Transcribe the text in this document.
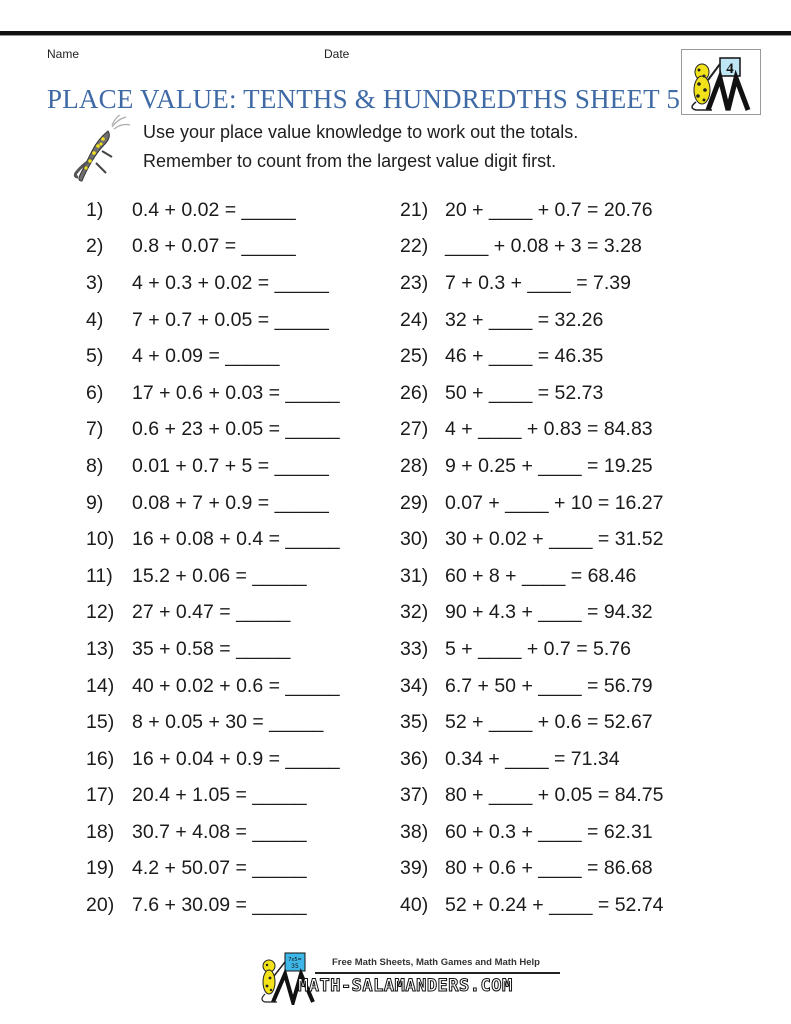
Name	Date
PLACE VALUE: TENTHS & HUNDREDTHS SHEET 5
4
Use your place value knowledge to work out the totals.
Remember to count from the largest value digit first.
1)	0.4 + 0.02 = _____
2)	0.8 + 0.07 = _____
3)	4 + 0.3 + 0.02 = _____
4)	7 + 0.7 + 0.05 = _____
5)	4 + 0.09 = _____
6)	17 + 0.6 + 0.03 = _____
7)	0.6 + 23 + 0.05 = _____
8)	0.01 + 0.7 + 5 = _____
9)	0.08 + 7 + 0.9 = _____
10) 16 + 0.08 + 0.4 = _____
11) 15.2 + 0.06 = _____
12) 27 + 0.47 = _____
13) 35 + 0.58 = _____
14) 40 + 0.02 + 0.6 = _____
15) 8 + 0.05 + 30 = _____
16) 16 + 0.04 + 0.9 = _____
17) 20.4 + 1.05 = _____
18) 30.7 + 4.08 = _____
19) 4.2 + 50.07 = _____
20) 7.6 + 30.09 = _____
21) 20 + ____ + 0.7 = 20.76
22) ____ + 0.08 + 3 = 3.28
23) 7 + 0.3 + ____ = 7.39
24) 32 + ____ = 32.26
25) 46 + ____ = 46.35
26) 50 + ____ = 52.73
27) 4 + ____ + 0.83 = 84.83
28) 9 + 0.25 + ____ = 19.25
29) 0.07 + ____ + 10 = 16.27
30) 30 + 0.02 + ____ = 31.52
31) 60 + 8 + ____ = 68.46
32) 90 + 4.3 + ____ = 94.32
33) 5 + ____ + 0.7 = 5.76
34) 6.7 + 50 + ____ = 56.79
35) 52 + ____ + 0.6 = 52.67
36) 0.34 + ____ = 71.34
37) 80 + ____ + 0.05 = 84.75
38) 60 + 0.3 + ____ = 62.31
39) 80 + 0.6 + ____ = 86.68
40) 52 + 0.24 + ____ = 52.74
7x5=
35	Free Math Sheets, Math Games and Math Help
MATH-SALAMANDERS.COM
